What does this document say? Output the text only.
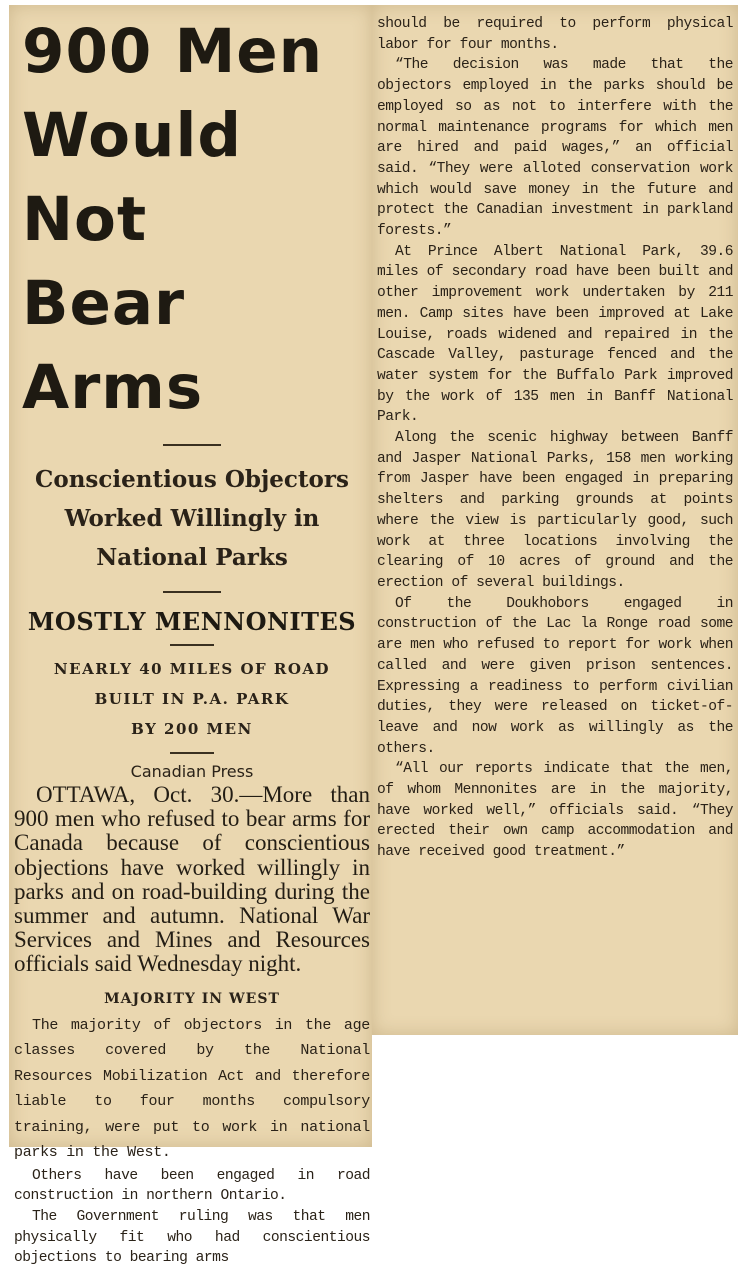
900 Men
Would Not
Bear Arms

Conscientious Objectors Worked Willingly in National Parks

MOSTLY MENNONITES

NEARLY 40 MILES OF ROAD

BUILT IN P.A. PARK

BY 200 MEN

Canadian Press

OTTAWA, Oct. 30.—More than 900 men who refused to bear arms for Canada because of conscientious objections have worked willingly in parks and on road-building during the summer and autumn. National War Services and Mines and Resources officials said Wednesday night.

MAJORITY IN WEST

The majority of objectors in the age classes covered by the National Resources Mobilization Act and therefore liable to four months compulsory training, were put to work in national parks in the West.

Others have been engaged in road construction in northern Ontario.

The Government ruling was that men physically fit who had conscientious objections to bearing arms

should be required to perform physical labor for four months.

“The decision was made that the objectors employed in the parks should be employed so as not to interfere with the normal maintenance programs for which men are hired and paid wages,” an official said. “They were alloted conservation work which would save money in the future and protect the Canadian investment in parkland forests.”

At Prince Albert National Park, 39.6 miles of secondary road have been built and other improvement work undertaken by 211 men. Camp sites have been improved at Lake Louise, roads widened and repaired in the Cascade Valley, pasturage fenced and the water system for the Buffalo Park improved by the work of 135 men in Banff National Park.

Along the scenic highway between Banff and Jasper National Parks, 158 men working from Jasper have been engaged in preparing shelters and parking grounds at points where the view is particularly good, such work at three locations involving the clearing of 10 acres of ground and the erection of several buildings.

Of the Doukhobors engaged in construction of the Lac la Ronge road some are men who refused to report for work when called and were given prison sentences. Expressing a readiness to perform civilian duties, they were released on ticket-of-leave and now work as willingly as the others.

“All our reports indicate that the men, of whom Mennonites are in the majority, have worked well,” officials said. “They erected their own camp accommodation and have received good treatment.”
